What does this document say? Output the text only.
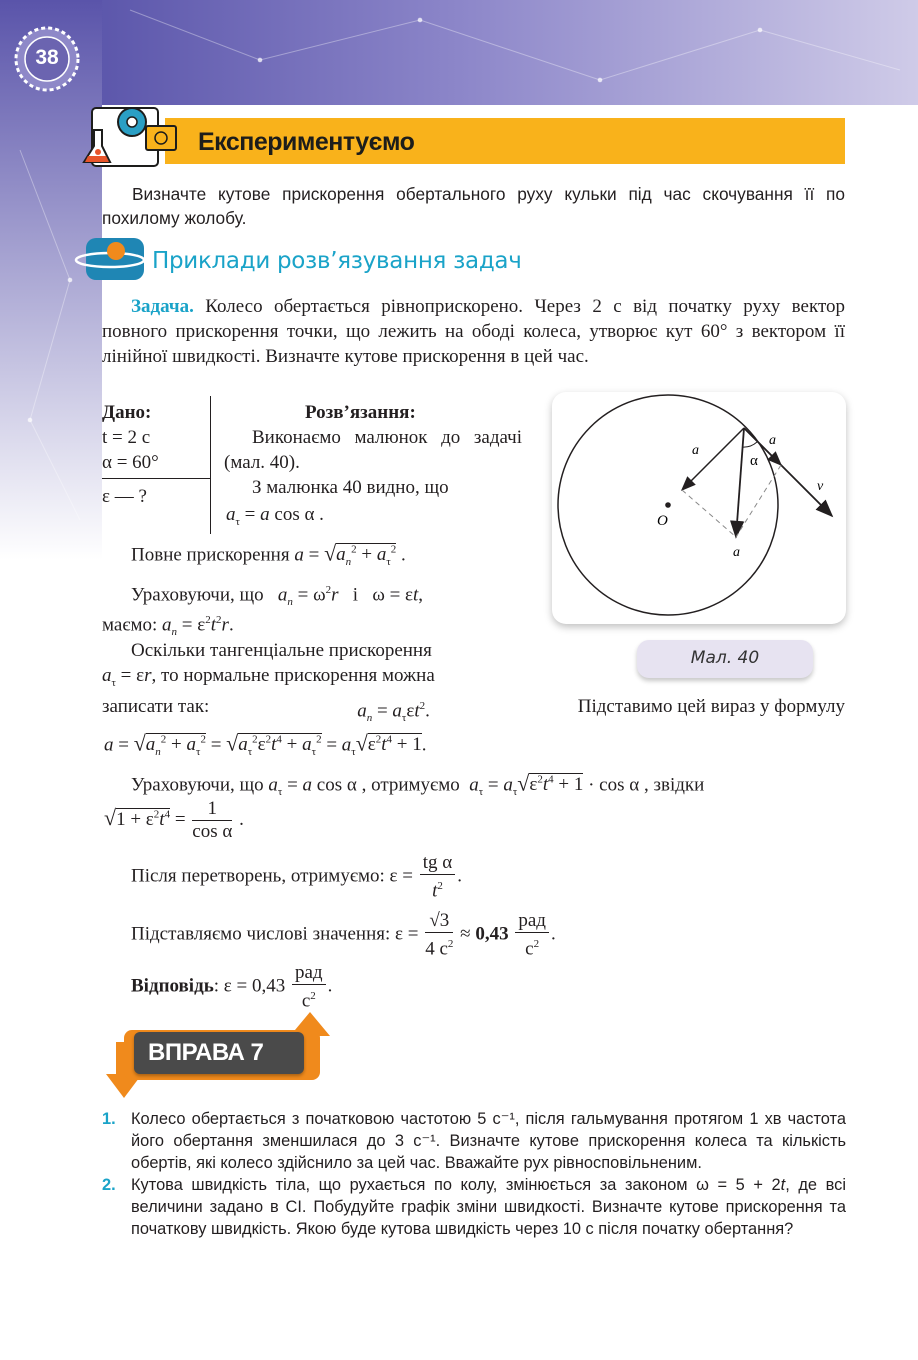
38
Експериментуємо
Визначте кутове прискорення обертального руху кульки під час скочування її по похилому жолобу.
Приклади розв’язування задач
Задача. Колесо обертається рівноприскорено. Через 2 с від початку руху вектор повного прискорення точки, що лежить на ободі колеса, утворює кут 60° з вектором її лінійної швидкості. Визначте кутове прискорення в цей час.
Дано:
t = 2 с
α = 60°
ε — ?
Розв’язання:
Виконаємо малюнок до задачі (мал. 40).
З малюнка 40 видно, що
$a_\tau = a$ cos α .
Повне прискорення $a = √a_n^2 + a_\tau^2$ .
Ураховуючи, що $a_n = \omega^2r$ і   ω = εt,
маємо: $a_n = \varepsilon^2t^2r$.
Оскільки тангенціальне прискорення
$a_\tau = \varepsilon r$, то нормальне прискорення можна
записати так:	$a_n = a_\tau\varepsilon t^2$.	Підставимо цей вираз у формулу
$a = √a_n^2 + a_\tau^2 = √a_\tau^2\varepsilon^2t^4 + a_\tau^2 = a_\tau√\varepsilon^2t^4 + 1$.
Ураховуючи, що $a_\tau = a$ cos α , отримуємо $a_\tau = a_\tau√\varepsilon^2t^4 + 1 \cdot \cos \alpha$ , звідки
$√1 + \varepsilon^2t^4 = \frac{1}{\text{cos α}}$ .
Після перетворень, отримуємо: $\varepsilon = \frac{\text{tg α}}{t^2}$ .
Підставляємо числові значення: $\varepsilon = \frac{√3}{4 c^2} \approx 0,43$
рад
$c^2$ .
Відповідь: ε = 0,43
рад
$c^2$ .
O
a
a
a
v
α
Мал. 40
ВПРАВА 7
1. Колесо обертається з початковою частотою 5 с⁻¹, після гальмування протягом 1 хв частота його обертання зменшилася до 3 с⁻¹. Визначте кутове прискорення колеса та кількість обертів, які колесо здійснило за цей час. Вважайте рух рівносповільненим.
2. Кутова швидкість тіла, що рухається по колу, змінюється за законом ω = 5 + 2t, де всі величини задано в СІ. Побудуйте графік зміни швидкості. Визначте кутове прискорення та початкову швидкість. Якою буде кутова швидкість через 10 с після початку обертання?
